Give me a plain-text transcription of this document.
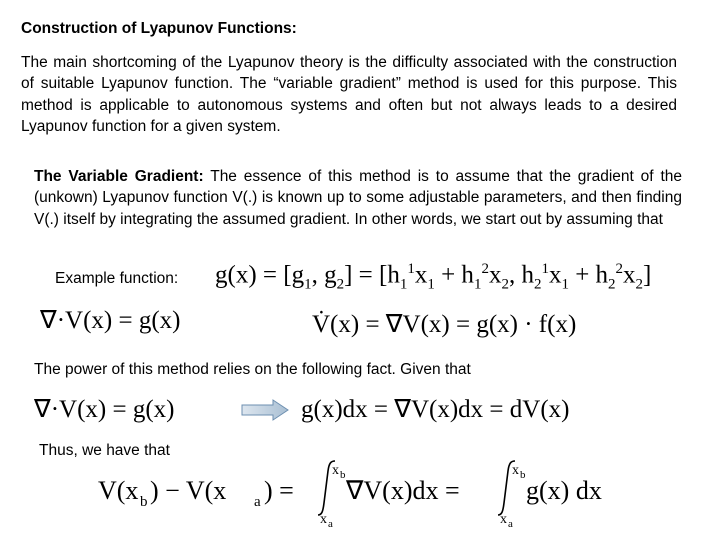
Construction of Lyapunov Functions:
The main shortcoming of the Lyapunov theory is the difficulty associated with the construction of suitable Lyapunov function. The “variable gradient” method is used for this purpose. This method is applicable to autonomous systems and often but not always leads to a desired Lyapunov function for a given system.
The Variable Gradient: The essence of this method is to assume that the gradient of the (unkown) Lyapunov function V(.) is known up to some adjustable parameters, and then finding V(.) itself by integrating the assumed gradient. In other words, we start out by assuming that
Example function: $g(x) = [g_1$, $g_2] = [h_1^1x_1 + h_1^2x_2$, $h_2^1x_1 + h_2^2x_2$]
∇·V(x) = g(x)	V̇(x) = ∇V(x) = g(x) · f(x)
The power of this method relies on the following fact. Given that
∇·V(x) = g(x)	g(x)dx = ∇V(x)dx = dV(x)
Thus, we have that
V(x b ) − V(x a ) =
x b
x a
∇V(x)dx =
x b
x a
g(x) dx
